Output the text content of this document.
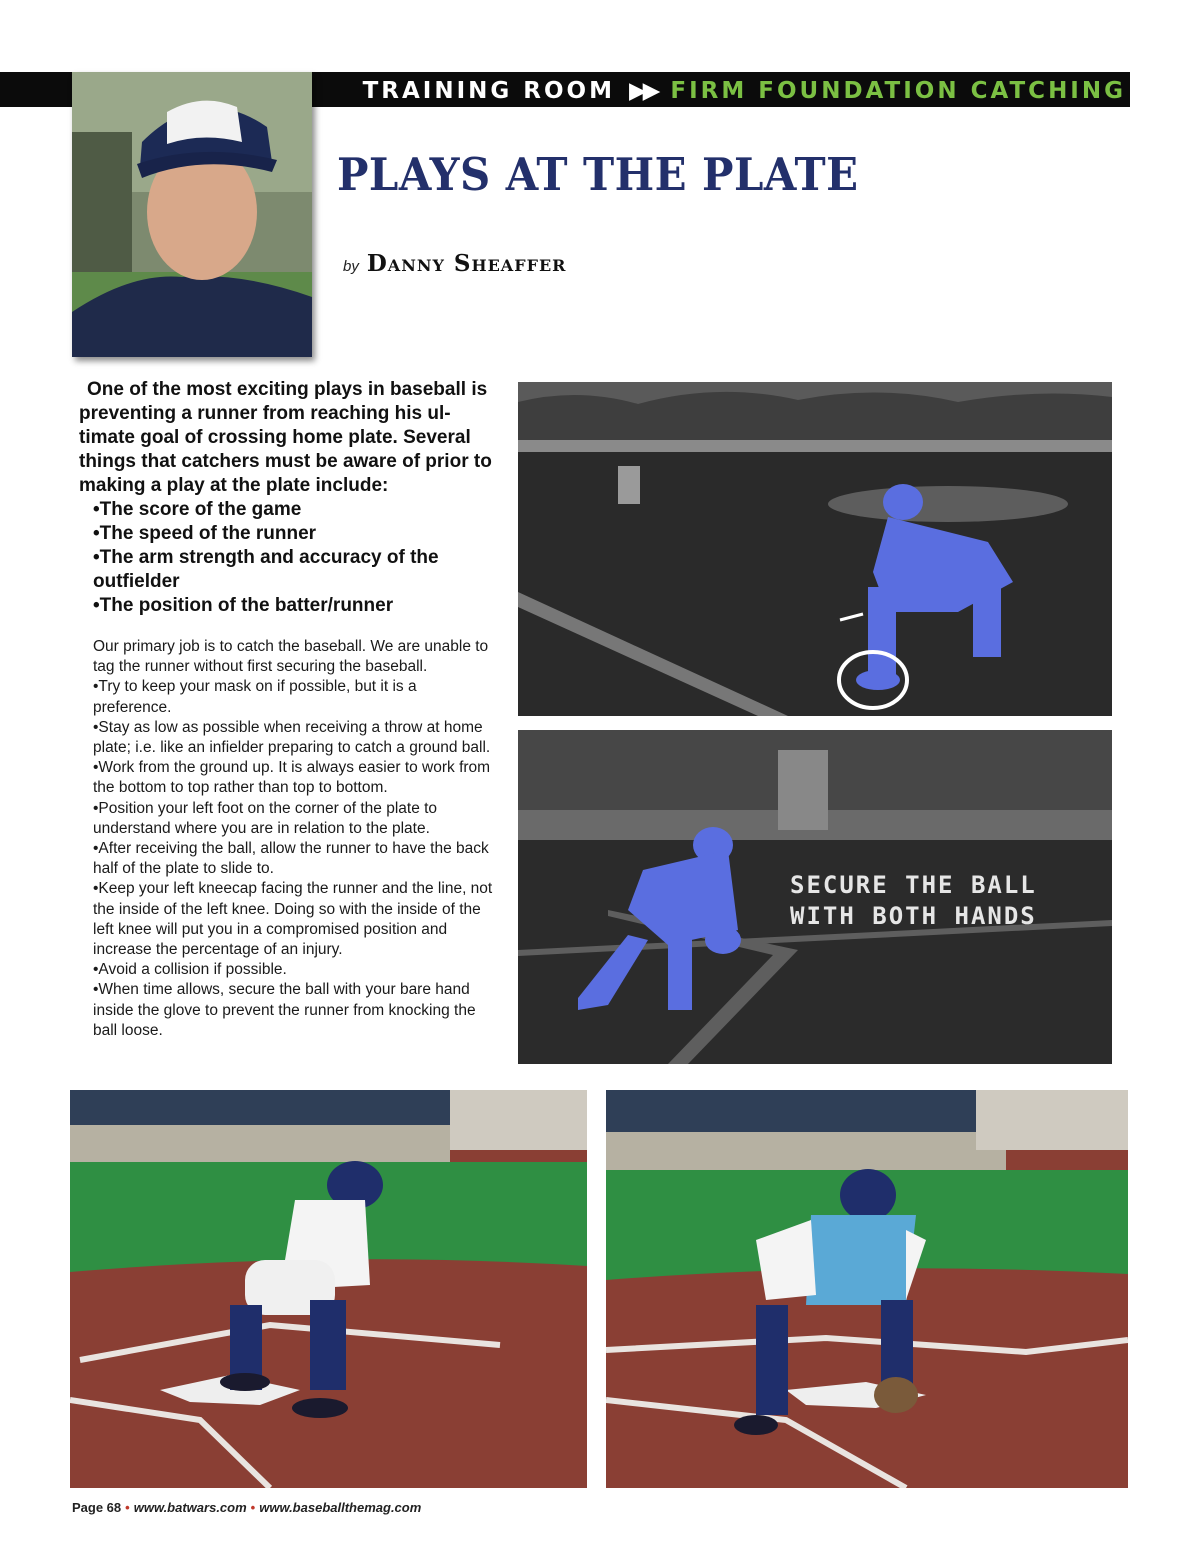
TRAINING ROOM ▶▶ FIRM FOUNDATION CATCHING
PLAYS AT THE PLATE
by Danny Sheaffer

One of the most exciting plays in baseball is preventing a runner from reaching his ul-timate goal of crossing home plate. Several things that catchers must be aware of prior to making a play at the plate include:

•The score of the game
•The speed of the runner
•The arm strength and accuracy of the outfielder
•The position of the batter/runner

Our primary job is to catch the baseball. We are unable to tag the runner without first securing the baseball.

•Try to keep your mask on if possible, but it is a preference.

•Stay as low as possible when receiving a throw at home plate; i.e. like an infielder preparing to catch a ground ball.

•Work from the ground up. It is always easier to work from the bottom to top rather than top to bottom.

•Position your left foot on the corner of the plate to understand where you are in relation to the plate.

•After receiving the ball, allow the runner to have the back half of the plate to slide to.

•Keep your left kneecap facing the runner and the line, not the inside of the left knee. Doing so with the inside of the left knee will put you in a compromised position and increase the percentage of an injury.

•Avoid a collision if possible.

•When time allows, secure the ball with your bare hand inside the glove to prevent the runner from knocking the ball loose.

SECURE THE BALL
WITH BOTH HANDS
Page 68 • www.batwars.com • www.baseballthemag.com
